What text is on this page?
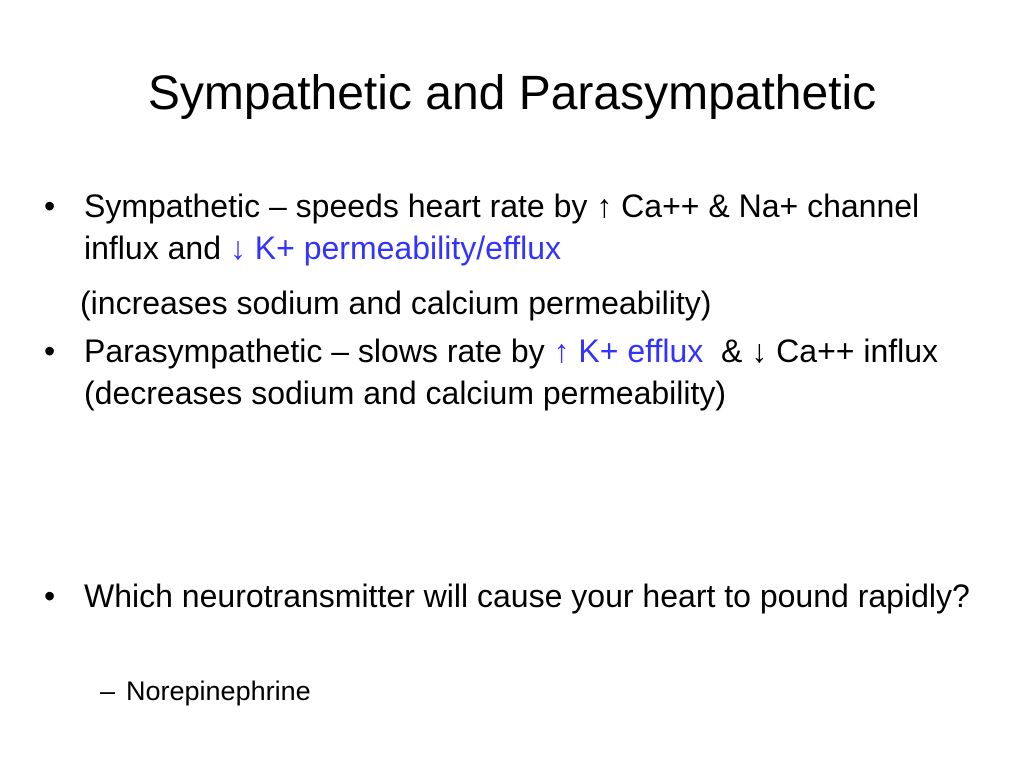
Sympathetic and Parasympathetic
• Sympathetic – speeds heart rate by ↑ Ca++ & Na+ channel influx and ↓ K+ permeability/efflux
(increases sodium and calcium permeability)
• Parasympathetic – slows rate by ↑ K+ efflux  & ↓ Ca++ influx (decreases sodium and calcium permeability)
• Which neurotransmitter will cause your heart to pound rapidly?
– Norepinephrine
